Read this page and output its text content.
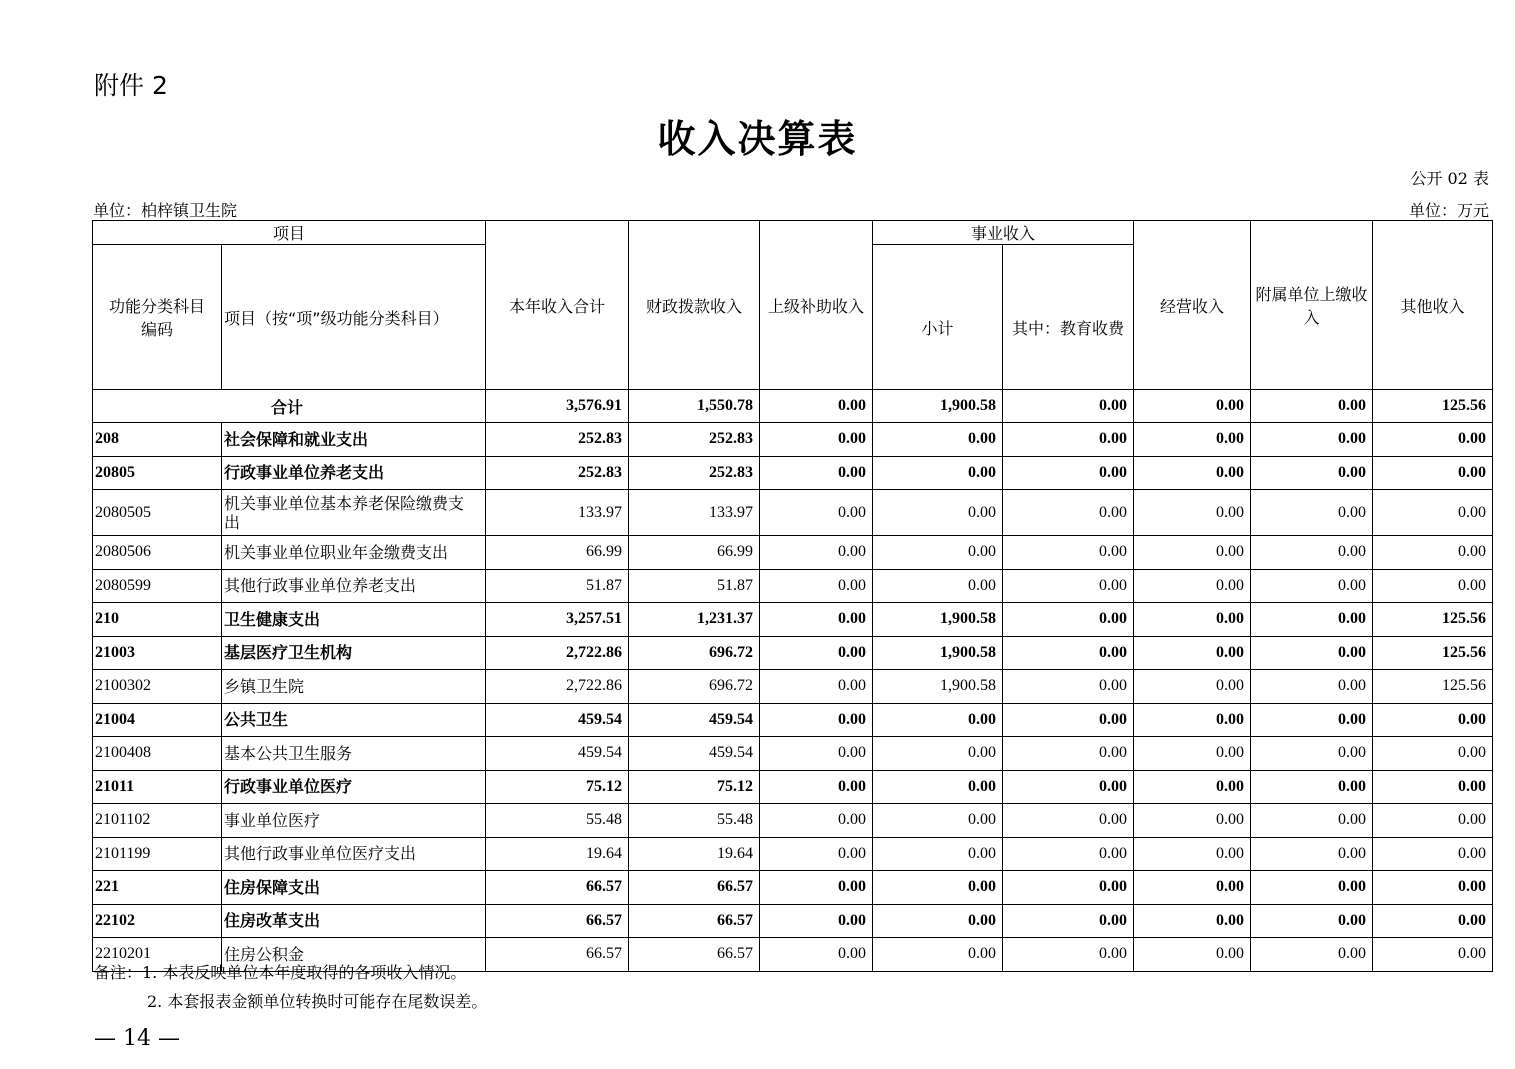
附件 2
收入决算表
公开 02 表
单位：柏梓镇卫生院	单位：万元
项目		本年收入合计	财政拨款收入	上级补助收入	事业收入		经营收入	附属单位上缴收入	其他收入
功能分类科目编码	项目（按“项”级功能分类科目）				小计	其中：教育收费			
合计		3,576.91	1,550.78	0.00	1,900.58	0.00	0.00	0.00	125.56
208	社会保障和就业支出	252.83	252.83	0.00	0.00	0.00	0.00	0.00	0.00
20805	行政事业单位养老支出	252.83	252.83	0.00	0.00	0.00	0.00	0.00	0.00
2080505	机关事业单位基本养老保险缴费支出	133.97	133.97	0.00	0.00	0.00	0.00	0.00	0.00
2080506	机关事业单位职业年金缴费支出	66.99	66.99	0.00	0.00	0.00	0.00	0.00	0.00
2080599	其他行政事业单位养老支出	51.87	51.87	0.00	0.00	0.00	0.00	0.00	0.00
210	卫生健康支出	3,257.51	1,231.37	0.00	1,900.58	0.00	0.00	0.00	125.56
21003	基层医疗卫生机构	2,722.86	696.72	0.00	1,900.58	0.00	0.00	0.00	125.56
2100302	乡镇卫生院	2,722.86	696.72	0.00	1,900.58	0.00	0.00	0.00	125.56
21004	公共卫生	459.54	459.54	0.00	0.00	0.00	0.00	0.00	0.00
2100408	基本公共卫生服务	459.54	459.54	0.00	0.00	0.00	0.00	0.00	0.00
21011	行政事业单位医疗	75.12	75.12	0.00	0.00	0.00	0.00	0.00	0.00
2101102	事业单位医疗	55.48	55.48	0.00	0.00	0.00	0.00	0.00	0.00
2101199	其他行政事业单位医疗支出	19.64	19.64	0.00	0.00	0.00	0.00	0.00	0.00
221	住房保障支出	66.57	66.57	0.00	0.00	0.00	0.00	0.00	0.00
22102	住房改革支出	66.57	66.57	0.00	0.00	0.00	0.00	0.00	0.00
2210201	住房公积金	66.57	66.57	0.00	0.00	0.00	0.00	0.00	0.00
备注：1. 本表反映单位本年度取得的各项收入情况。
2. 本套报表金额单位转换时可能存在尾数误差。
— 14 —
